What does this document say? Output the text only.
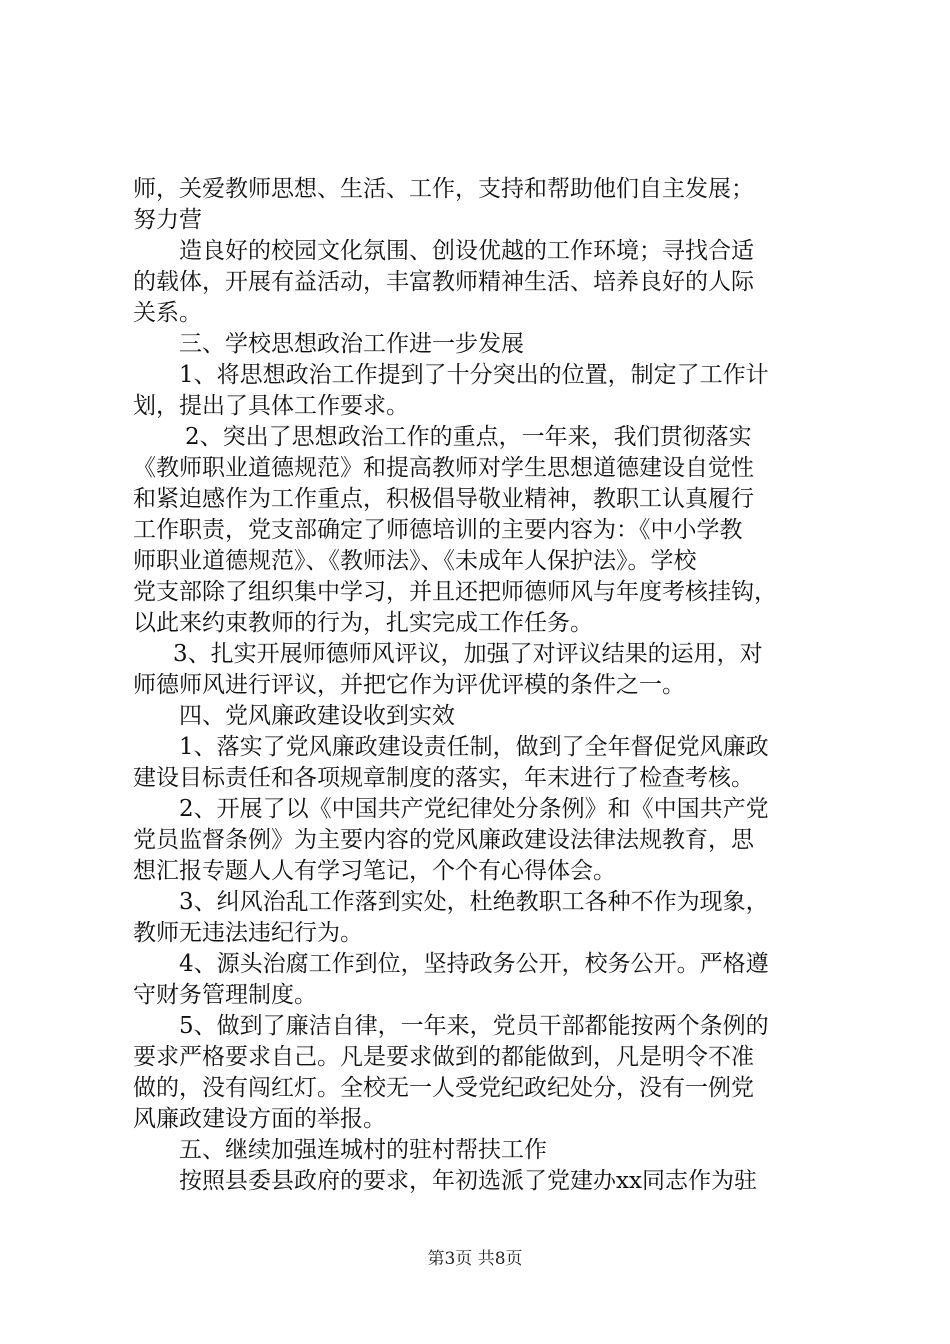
师，关爱教师思想、生活、工作，支持和帮助他们自主发展；
努力营
造良好的校园文化氛围、创设优越的工作环境；寻找合适
的载体，开展有益活动，丰富教师精神生活、培养良好的人际
关系。
三、学校思想政治工作进一步发展
1、将思想政治工作提到了十分突出的位置，制定了工作计
划，提出了具体工作要求。
2、突出了思想政治工作的重点，一年来，我们贯彻落实
《教师职业道德规范》和提高教师对学生思想道德建设自觉性
和紧迫感作为工作重点，积极倡导敬业精神，教职工认真履行
工作职责，党支部确定了师德培训的主要内容为：《中小学教
师职业道德规范》、《教师法》、《未成年人保护法》。学校
党支部除了组织集中学习，并且还把师德师风与年度考核挂钩，
以此来约束教师的行为，扎实完成工作任务。
3、扎实开展师德师风评议，加强了对评议结果的运用，对
师德师风进行评议，并把它作为评优评模的条件之一。
四、党风廉政建设收到实效
1、落实了党风廉政建设责任制，做到了全年督促党风廉政
建设目标责任和各项规章制度的落实，年末进行了检查考核。
2、开展了以《中国共产党纪律处分条例》和《中国共产党
党员监督条例》为主要内容的党风廉政建设法律法规教育，思
想汇报专题人人有学习笔记，个个有心得体会。
3、纠风治乱工作落到实处，杜绝教职工各种不作为现象，
教师无违法违纪行为。
4、源头治腐工作到位，坚持政务公开，校务公开。严格遵
守财务管理制度。
5、做到了廉洁自律，一年来，党员干部都能按两个条例的
要求严格要求自己。凡是要求做到的都能做到，凡是明令不准
做的，没有闯红灯。全校无一人受党纪政纪处分，没有一例党
风廉政建设方面的举报。
五、继续加强连城村的驻村帮扶工作
按照县委县政府的要求，年初选派了党建办xx同志作为驻
第3页 共8页
